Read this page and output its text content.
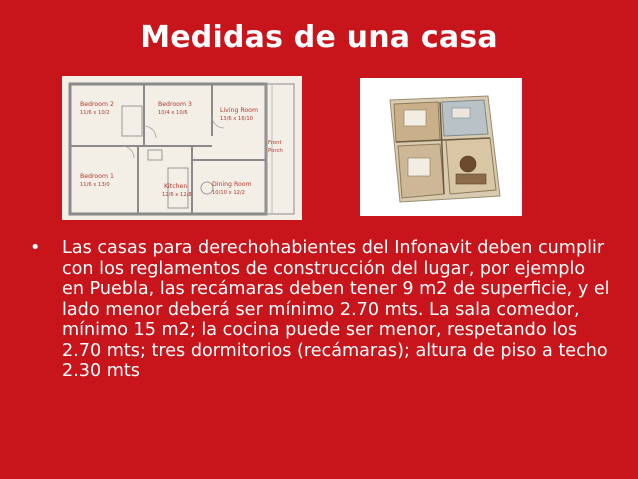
Medidas de una casa
Bedroom 2
11/6 x 10/2
Bedroom 3
10/4 x 10/6	Living Room
13/6 x 16/10
Bedroom 1
11/6 x 13/0	Kitchen
12/6 x 12/8
Dining Room
10/10 x 12/2
Front
Porch
• Las casas para derechohabientes del Infonavit deben cumplir con los reglamentos de construcción del lugar, por ejemplo en Puebla, las recámaras deben tener 9 m2 de superficie, y el lado menor deberá ser mínimo 2.70 mts. La sala comedor, mínimo 15 m2; la cocina puede ser menor, respetando los 2.70 mts; tres dormitorios (recámaras); altura de piso a techo 2.30 mts
